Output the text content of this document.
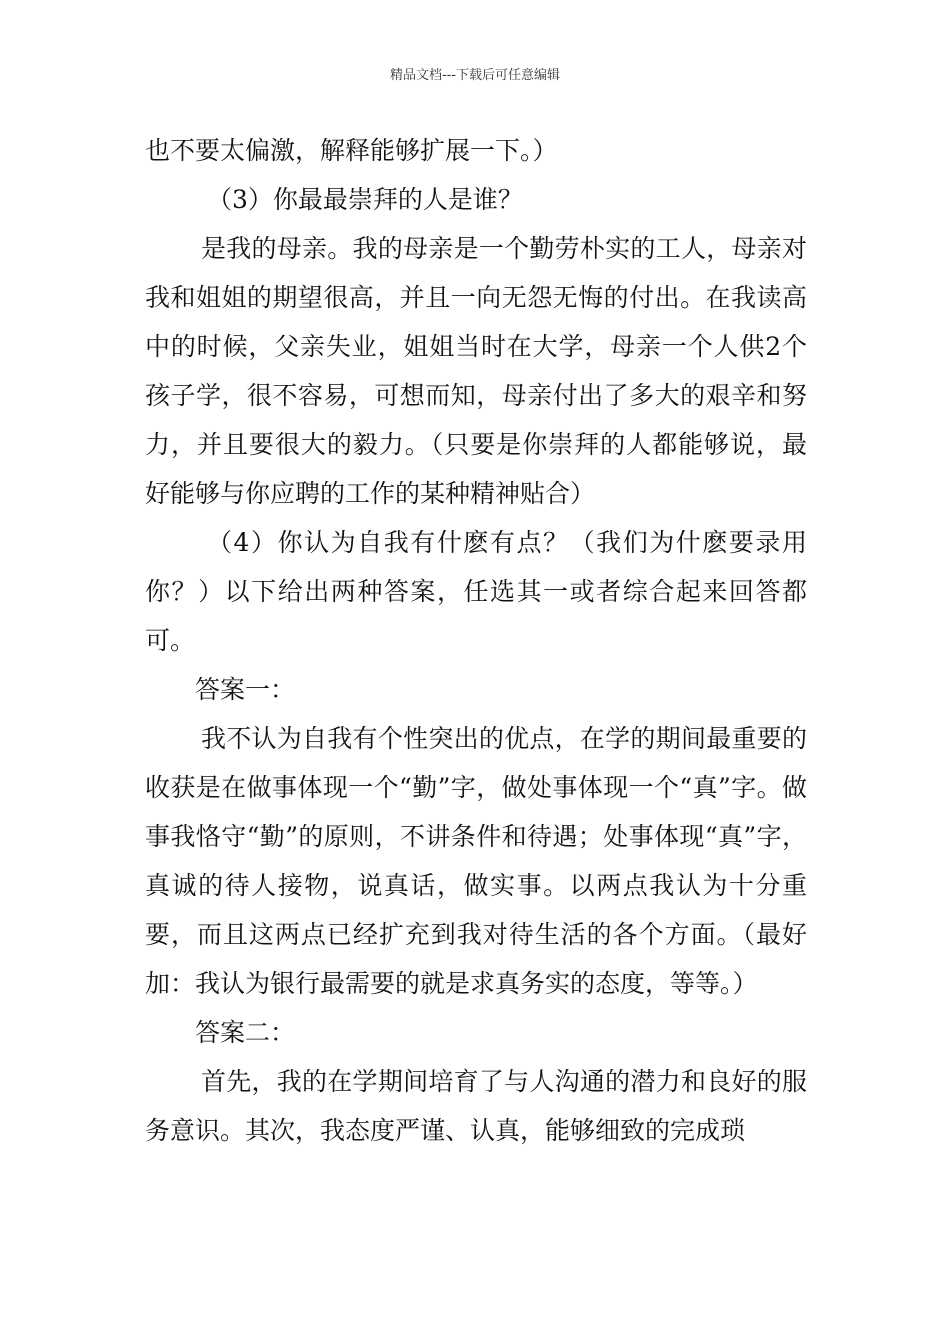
精品文档---下载后可任意编辑

也不要太偏激，解释能够扩展一下。）

（3）你最最崇拜的人是谁？

是我的母亲。我的母亲是一个勤劳朴实的工人，母亲对我和姐姐的期望很高，并且一向无怨无悔的付出。在我读高中的时候，父亲失业，姐姐当时在大学，母亲一个人供2个孩子学，很不容易，可想而知，母亲付出了多大的艰辛和努力，并且要很大的毅力。（只要是你崇拜的人都能够说，最好能够与你应聘的工作的某种精神贴合）

（4）你认为自我有什麽有点？（我们为什麽要录用你？）以下给出两种答案，任选其一或者综合起来回答都可。

答案一：

我不认为自我有个性突出的优点，在学的期间最重要的收获是在做事体现一个“勤”字，做处事体现一个“真”字。做事我恪守“勤”的原则，不讲条件和待遇；处事体现“真”字，真诚的待人接物，说真话，做实事。以两点我认为十分重要，而且这两点已经扩充到我对待生活的各个方面。（最好加：我认为银行最需要的就是求真务实的态度，等等。）

答案二：

首先，我的在学期间培育了与人沟通的潜力和良好的服务意识。其次，我态度严谨、认真，能够细致的完成琐
